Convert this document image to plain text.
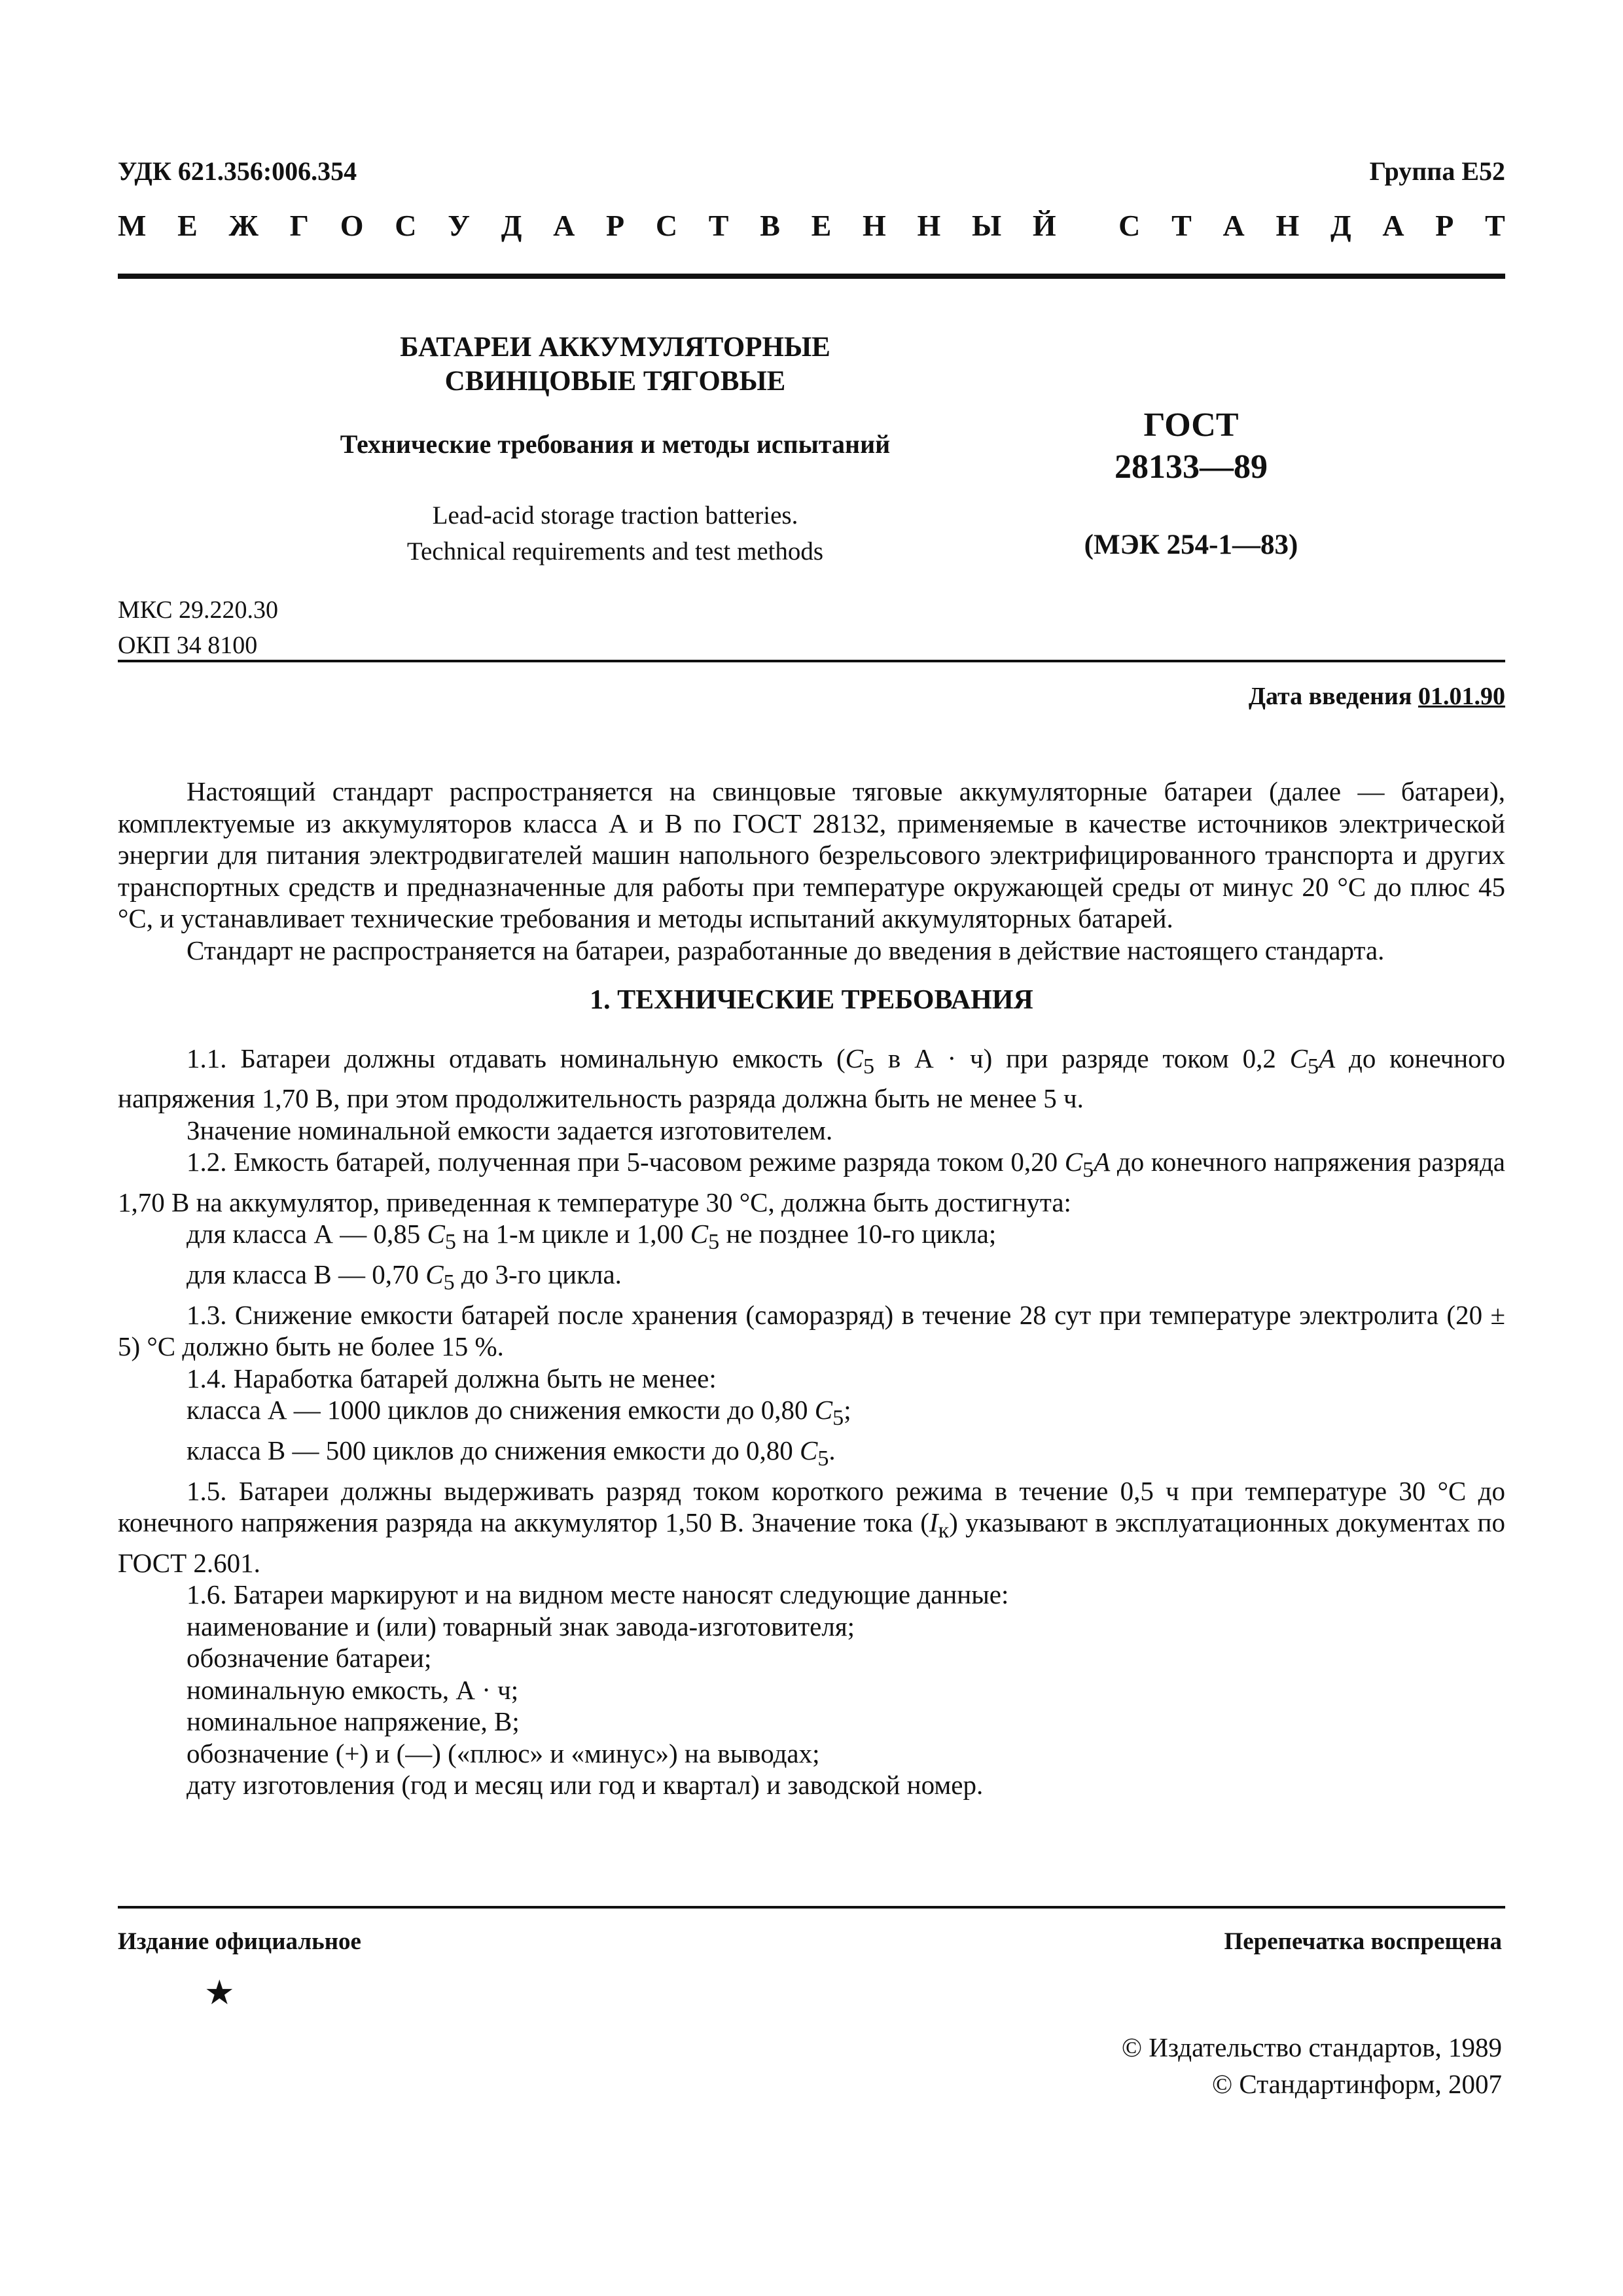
УДК 621.356:006.354	Группа Е52
М Е Ж Г О С У Д А Р С Т В Е Н Н Ы Й С Т А Н Д А Р Т
БАТАРЕИ АККУМУЛЯТОРНЫЕ
СВИНЦОВЫЕ ТЯГОВЫЕ
Технические требования и методы испытаний
Lead-acid storage traction batteries.
Technical requirements and test methods
ГОСТ
28133—89
(МЭК 254-1—83)
МКС 29.220.30
ОКП 34 8100
Дата введения 01.01.90

Настоящий стандарт распространяется на свинцовые тяговые аккумуляторные батареи (далее — батареи), комплектуемые из аккумуляторов класса А и В по ГОСТ 28132, применяемые в качестве источников электрической энергии для питания электродвигателей машин напольного безрельсового электрифицированного транспорта и других транспортных средств и предназначенные для работы при температуре окружающей среды от минус 20 °С до плюс 45 °С, и устанавливает технические требования и методы испытаний аккумуляторных батарей.

Стандарт не распространяется на батареи, разработанные до введения в действие настоящего стандарта.

1. ТЕХНИЧЕСКИЕ ТРЕБОВАНИЯ

1.1. Батареи должны отдавать номинальную емкость ($C_5$ в А · ч) при разряде током 0,2 $C_5A$ до конечного напряжения 1,70 В, при этом продолжительность разряда должна быть не менее 5 ч.

Значение номинальной емкости задается изготовителем.

1.2. Емкость батарей, полученная при 5-часовом режиме разряда током 0,20 $C_5A$ до конечного напряжения разряда 1,70 В на аккумулятор, приведенная к температуре 30 °С, должна быть достигнута:

для класса А — 0,85 $C_5$ на 1-м цикле и 1,00 $C_5$ не позднее 10-го цикла;

для класса В — 0,70 $C_5$ до 3-го цикла.

1.3. Снижение емкости батарей после хранения (саморазряд) в течение 28 сут при температуре электролита (20 ± 5) °С должно быть не более 15 %.

1.4. Наработка батарей должна быть не менее:

класса А — 1000 циклов до снижения емкости до 0,80 $C_5$;

класса В — 500 циклов до снижения емкости до 0,80 $C_5$.

1.5. Батареи должны выдерживать разряд током короткого режима в течение 0,5 ч при температуре 30 °С до конечного напряжения разряда на аккумулятор 1,50 В. Значение тока $(I_к)$ указывают в эксплуатационных документах по ГОСТ 2.601.

1.6. Батареи маркируют и на видном месте наносят следующие данные:

наименование и (или) товарный знак завода-изготовителя;

обозначение батареи;

номинальную емкость, А · ч;

номинальное напряжение, В;

обозначение (+) и (—) («плюс» и «минус») на выводах;

дату изготовления (год и месяц или год и квартал) и заводской номер.

Издание официальное	Перепечатка воспрещена
★
© Издательство стандартов, 1989
© Стандартинформ, 2007
